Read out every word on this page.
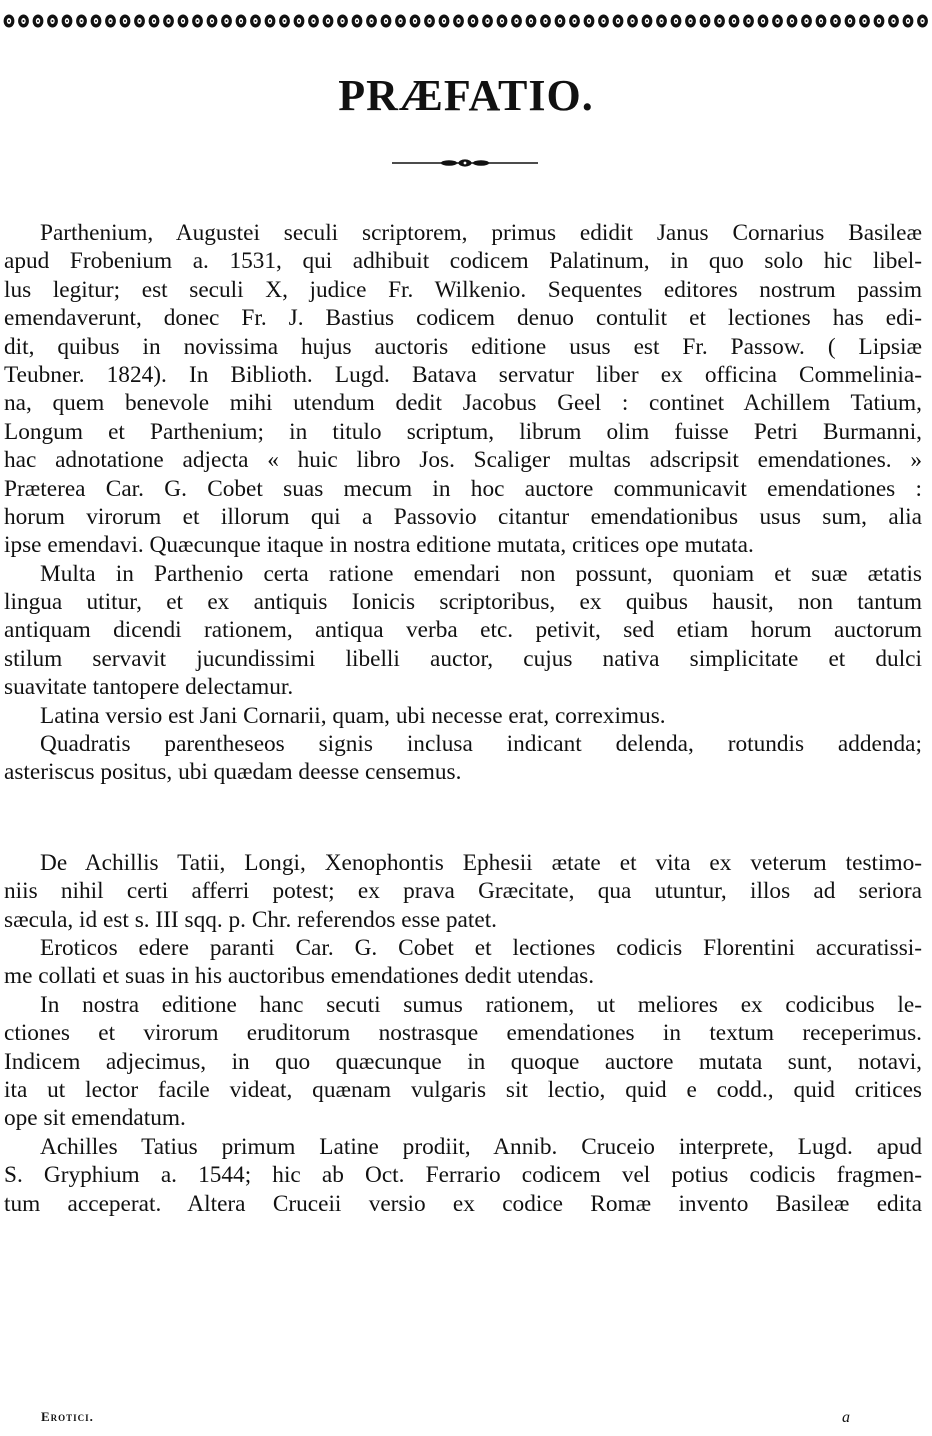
PRÆFATIO.

Parthenium, Augustei seculi scriptorem, primus edidit Janus Cornarius Basileæ
apud Frobenium a. 1531, qui adhibuit codicem Palatinum, in quo solo hic libel-
lus legitur; est seculi X, judice Fr. Wilkenio. Sequentes editores nostrum passim
emendaverunt, donec Fr. J. Bastius codicem denuo contulit et lectiones has edi-
dit, quibus in novissima hujus auctoris editione usus est Fr. Passow. ( Lipsiæ
Teubner. 1824). In Biblioth. Lugd. Batava servatur liber ex officina Commelinia-
na, quem benevole mihi utendum dedit Jacobus Geel : continet Achillem Tatium,
Longum et Parthenium; in titulo scriptum, librum olim fuisse Petri Burmanni,
hac adnotatione adjecta « huic libro Jos. Scaliger multas adscripsit emendationes. »
Præterea Car. G. Cobet suas mecum in hoc auctore communicavit emendationes :
horum virorum et illorum qui a Passovio citantur emendationibus usus sum, alia
ipse emendavi. Quæcunque itaque in nostra editione mutata, critices ope mutata.

Multa in Parthenio certa ratione emendari non possunt, quoniam et suæ ætatis
lingua utitur, et ex antiquis Ionicis scriptoribus, ex quibus hausit, non tantum
antiquam dicendi rationem, antiqua verba etc. petivit, sed etiam horum auctorum
stilum servavit jucundissimi libelli auctor, cujus nativa simplicitate et dulci
suavitate tantopere delectamur.

Latina versio est Jani Cornarii, quam, ubi necesse erat, correximus.

Quadratis parentheseos signis inclusa indicant delenda, rotundis addenda;
asteriscus positus, ubi quædam deesse censemus.

De Achillis Tatii, Longi, Xenophontis Ephesii ætate et vita ex veterum testimo-
niis nihil certi afferri potest; ex prava Græcitate, qua utuntur, illos ad seriora
sæcula, id est s. III sqq. p. Chr. referendos esse patet.

Eroticos edere paranti Car. G. Cobet et lectiones codicis Florentini accuratissi-
me collati et suas in his auctoribus emendationes dedit utendas.

In nostra editione hanc secuti sumus rationem, ut meliores ex codicibus le-
ctiones et virorum eruditorum nostrasque emendationes in textum receperimus.
Indicem adjecimus, in quo quæcunque in quoque auctore mutata sunt, notavi,
ita ut lector facile videat, quænam vulgaris sit lectio, quid e codd., quid critices
ope sit emendatum.

Achilles Tatius primum Latine prodiit, Annib. Cruceio interprete, Lugd. apud
S. Gryphium a. 1544; hic ab Oct. Ferrario codicem vel potius codicis fragmen-
tum acceperat. Altera Cruceii versio ex codice Romæ invento Basileæ edita

Erotici.	a
